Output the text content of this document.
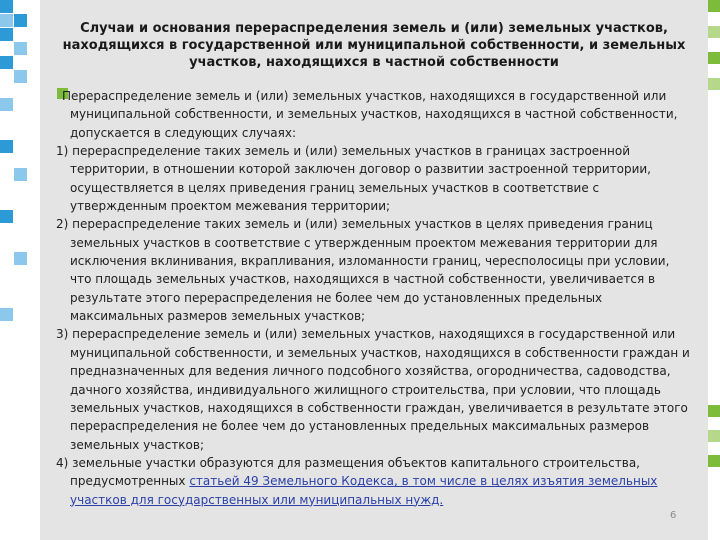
Случаи и основания перераспределения земель и (или) земельных участков, находящихся в государственной или муниципальной собственности, и земельных участков, находящихся в частной собственности

Перераспределение земель и (или) земельных участков, находящихся в государственной или муниципальной собственности, и земельных участков, находящихся в частной собственности, допускается в следующих случаях:

1) перераспределение таких земель и (или) земельных участков в границах застроенной территории, в отношении которой заключен договор о развитии застроенной территории, осуществляется в целях приведения границ земельных участков в соответствие с утвержденным проектом межевания территории;

2) перераспределение таких земель и (или) земельных участков в целях приведения границ земельных участков в соответствие с утвержденным проектом межевания территории для исключения вклинивания, вкрапливания, изломанности границ, чересполосицы при условии, что площадь земельных участков, находящихся в частной собственности, увеличивается в результате этого перераспределения не более чем до установленных предельных максимальных размеров земельных участков;

3) перераспределение земель и (или) земельных участков, находящихся в государственной или муниципальной собственности, и земельных участков, находящихся в собственности граждан и предназначенных для ведения личного подсобного хозяйства, огородничества, садоводства, дачного хозяйства, индивидуального жилищного строительства, при условии, что площадь земельных участков, находящихся в собственности граждан, увеличивается в результате этого перераспределения не более чем до установленных предельных максимальных размеров земельных участков;

4) земельные участки образуются для размещения объектов капитального строительства, предусмотренных статьей 49 Земельного Кодекса, в том числе в целях изъятия земельных участков для государственных или муниципальных нужд.

6
